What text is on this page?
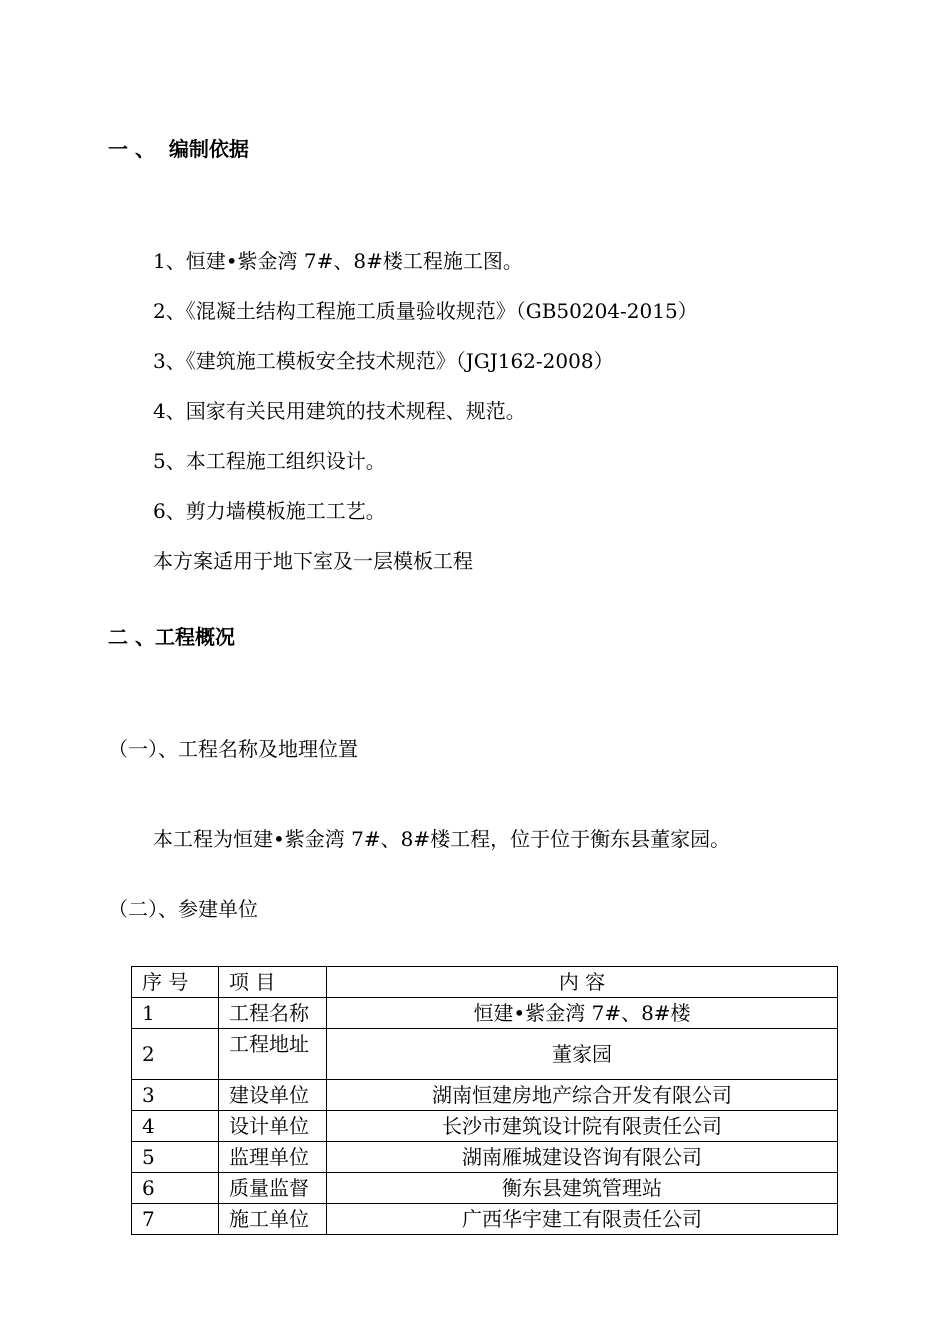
一 、  编制依据

1、恒建•紫金湾 7#、8#楼工程施工图。

2、《混凝土结构工程施工质量验收规范》（GB50204-2015）

3、《建筑施工模板安全技术规范》（JGJ162-2008）

4、国家有关民用建筑的技术规程、规范。

5、本工程施工组织设计。

6、剪力墙模板施工工艺。

本方案适用于地下室及一层模板工程

二 、工程概况

（一）、工程名称及地理位置

本工程为恒建•紫金湾 7#、8#楼工程，位于位于衡东县董家园。

（二）、参建单位

序 号	项 目	内 容
1	工程名称	恒建•紫金湾 7#、8#楼
2	工程地址	董家园
3	建设单位	湖南恒建房地产综合开发有限公司
4	设计单位	长沙市建筑设计院有限责任公司
5	监理单位	湖南雁城建设咨询有限公司
6	质量监督	衡东县建筑管理站
7	施工单位	广西华宇建工有限责任公司
